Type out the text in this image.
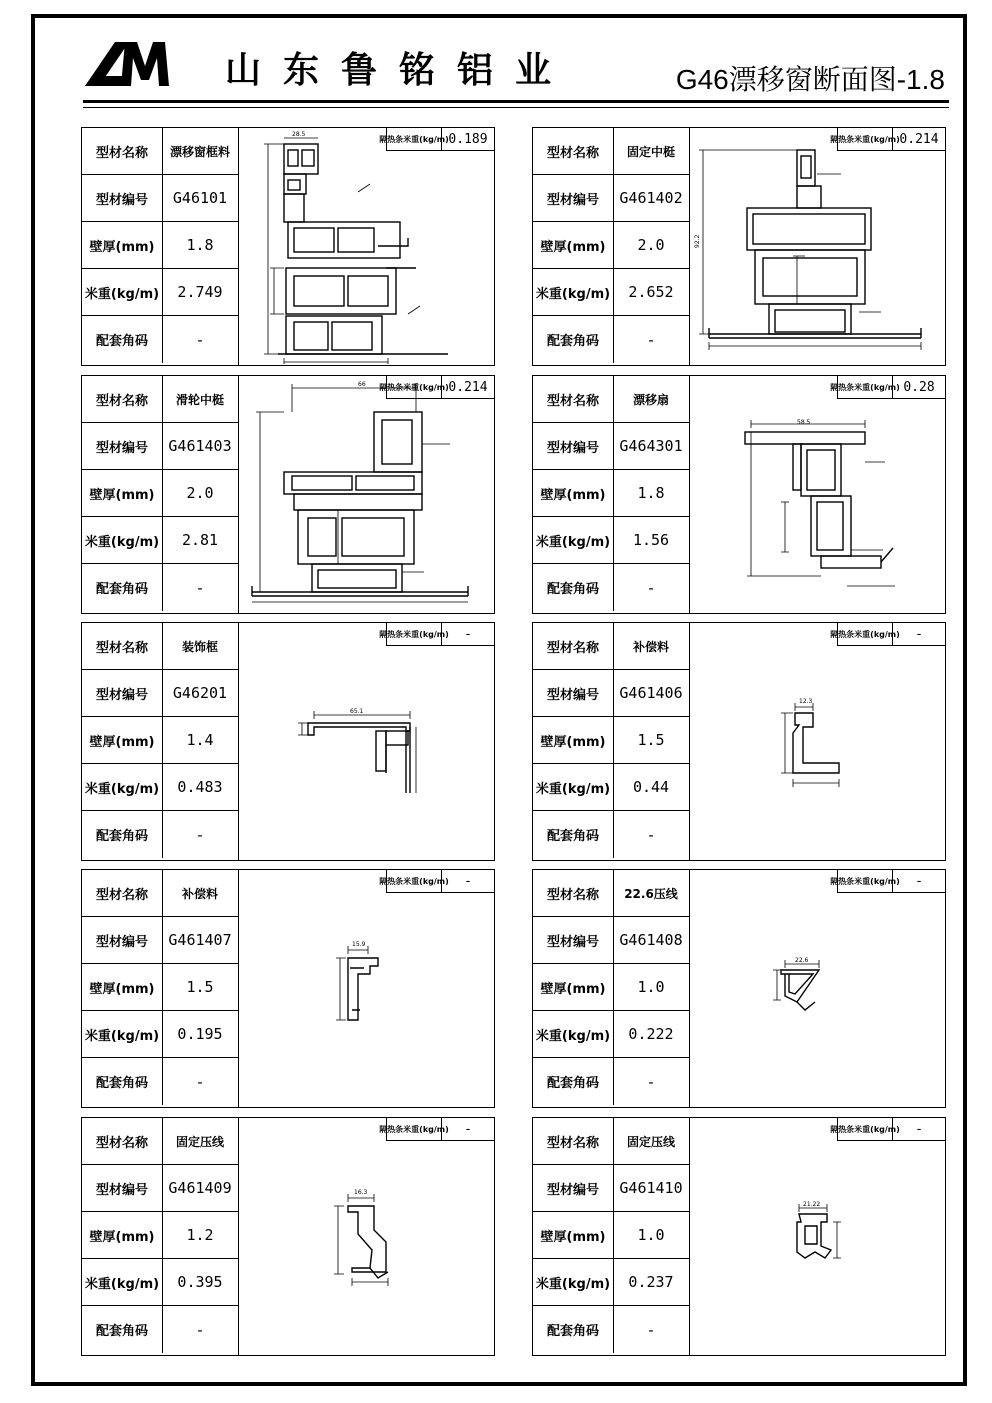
山东鲁铭铝业	G46漂移窗断面图-1.8
型材名称	漂移窗框料
型材编号	G46101
壁厚(mm)	1.8
米重(kg/m)	2.749
配套角码	-
28.5	隔热条米重(kg/m) 0.189
型材名称	固定中梃
型材编号	G461402
壁厚(mm)	2.0
米重(kg/m)	2.652
配套角码	-
92.2
隔热条米重(kg/m) 0.214
型材名称	滑轮中梃
型材编号	G461403
壁厚(mm)	2.0
米重(kg/m)	2.81
配套角码	-
66 隔热条米重(kg/m) 0.214
型材名称	漂移扇
型材编号	G464301
壁厚(mm)	1.8
米重(kg/m)	1.56
配套角码	-
58.5
隔热条米重(kg/m) 0.28
型材名称	装饰框
型材编号	G46201
壁厚(mm)	1.4
米重(kg/m)	0.483
配套角码	-
65.1
隔热条米重(kg/m)	-
型材名称	补偿料
型材编号	G461406
壁厚(mm)	1.5
米重(kg/m)	0.44
配套角码	-
12.3
隔热条米重(kg/m)	-
型材名称	补偿料
型材编号	G461407
壁厚(mm)	1.5
米重(kg/m)	0.195
配套角码	-
15.9
隔热条米重(kg/m)	-
型材名称	22.6压线
型材编号	G461408
壁厚(mm)	1.0
米重(kg/m)	0.222
配套角码	-
22.6
隔热条米重(kg/m)	-
型材名称	固定压线
型材编号	G461409
壁厚(mm)	1.2
米重(kg/m)	0.395
配套角码	-
16.3
隔热条米重(kg/m)	-
型材名称	固定压线
型材编号	G461410
壁厚(mm)	1.0
米重(kg/m)	0.237
配套角码	-
21.22
隔热条米重(kg/m)	-
